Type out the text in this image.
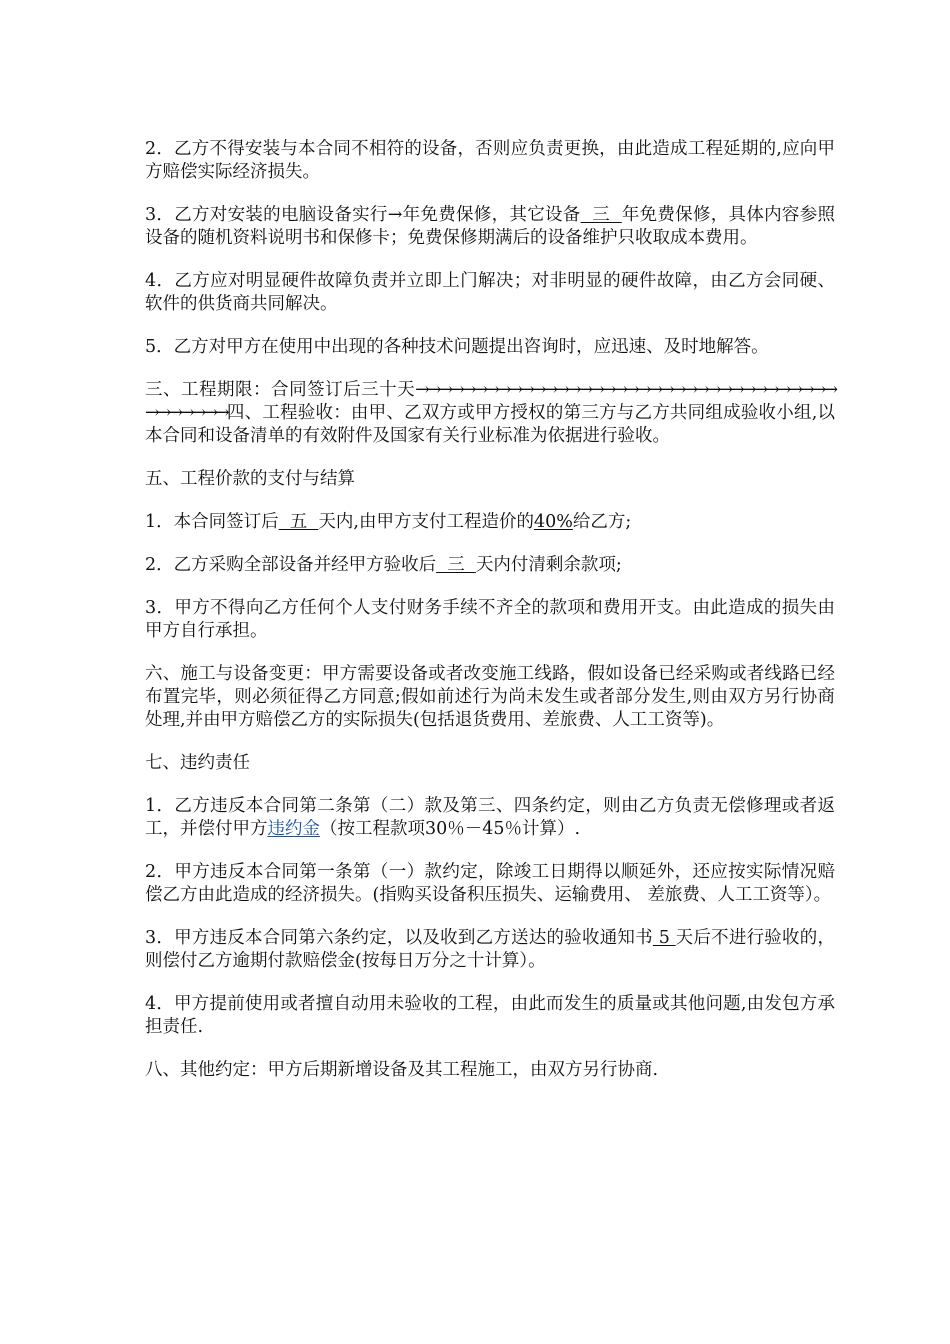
2．乙方不得安装与本合同不相符的设备，否则应负责更换，由此造成工程延期的,应向甲方赔偿实际经济损失。

3．乙方对安装的电脑设备实行→年免费保修，其它设备  三  年免费保修，具体内容参照设备的随机资料说明书和保修卡；免费保修期满后的设备维护只收取成本费用。

4．乙方应对明显硬件故障负责并立即上门解决；对非明显的硬件故障，由乙方会同硬、软件的供货商共同解决。

5．乙方对甲方在使用中出现的各种技术问题提出咨询时，应迅速、及时地解答。

三、工程期限：合同签订后三十天→→→→→→→→→→→→→→→→→→→→→→→→→→→→→→→→→→→→→→→→→→→四、工程验收：由甲、乙双方或甲方授权的第三方与乙方共同组成验收小组,以本合同和设备清单的有效附件及国家有关行业标准为依据进行验收。

五、工程价款的支付与结算

1．本合同签订后  五  天内,由甲方支付工程造价的40%给乙方;

2．乙方采购全部设备并经甲方验收后  三  天内付清剩余款项;

3．甲方不得向乙方任何个人支付财务手续不齐全的款项和费用开支。由此造成的损失由甲方自行承担。

六、施工与设备变更：甲方需要设备或者改变施工线路，假如设备已经采购或者线路已经布置完毕，则必须征得乙方同意;假如前述行为尚未发生或者部分发生,则由双方另行协商处理,并由甲方赔偿乙方的实际损失(包括退货费用、差旅费、人工工资等)。

七、违约责任

1．乙方违反本合同第二条第（二）款及第三、四条约定，则由乙方负责无偿修理或者返工，并偿付甲方违约金（按工程款项30％－45％计算）.

2．甲方违反本合同第一条第（一）款约定，除竣工日期得以顺延外，还应按实际情况赔偿乙方由此造成的经济损失。(指购买设备积压损失、运输费用、 差旅费、人工工资等）。

3．甲方违反本合同第六条约定，以及收到乙方送达的验收通知书 5 天后不进行验收的，则偿付乙方逾期付款赔偿金(按每日万分之十计算）。

4．甲方提前使用或者擅自动用未验收的工程，由此而发生的质量或其他问题,由发包方承担责任.

八、其他约定：甲方后期新增设备及其工程施工，由双方另行协商.
